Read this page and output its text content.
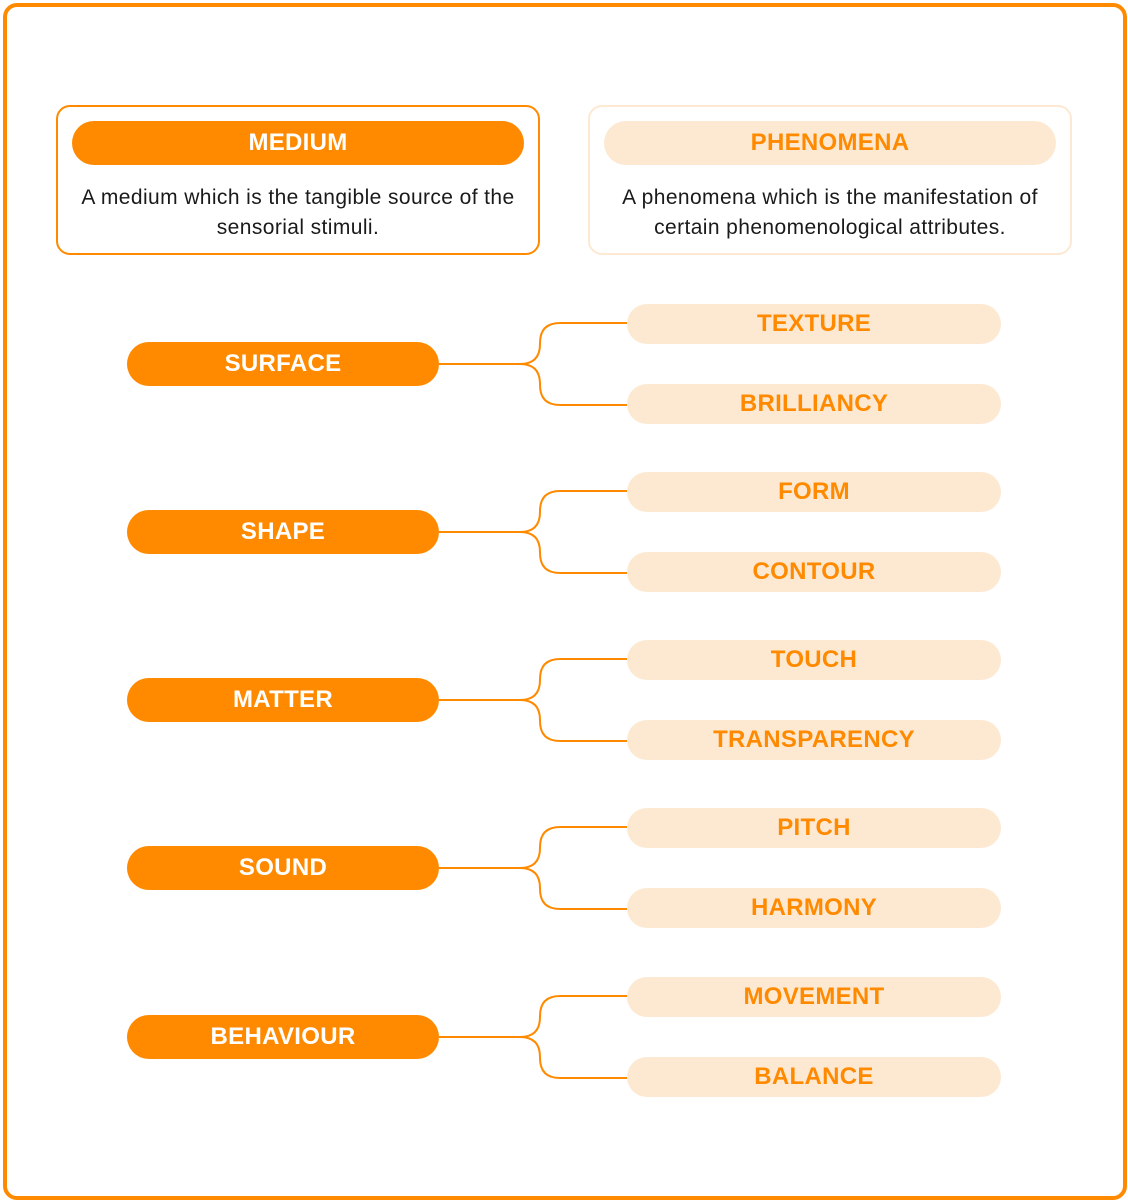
MEDIUM
A medium which is the tangible source of the sensorial stimuli.
PHENOMENA
A phenomena which is the manifestation of certain phenomenological attributes.
SURFACE
TEXTURE
BRILLIANCY
SHAPE
FORM
CONTOUR
MATTER
TOUCH
TRANSPARENCY
SOUND
PITCH
HARMONY
BEHAVIOUR
MOVEMENT
BALANCE
